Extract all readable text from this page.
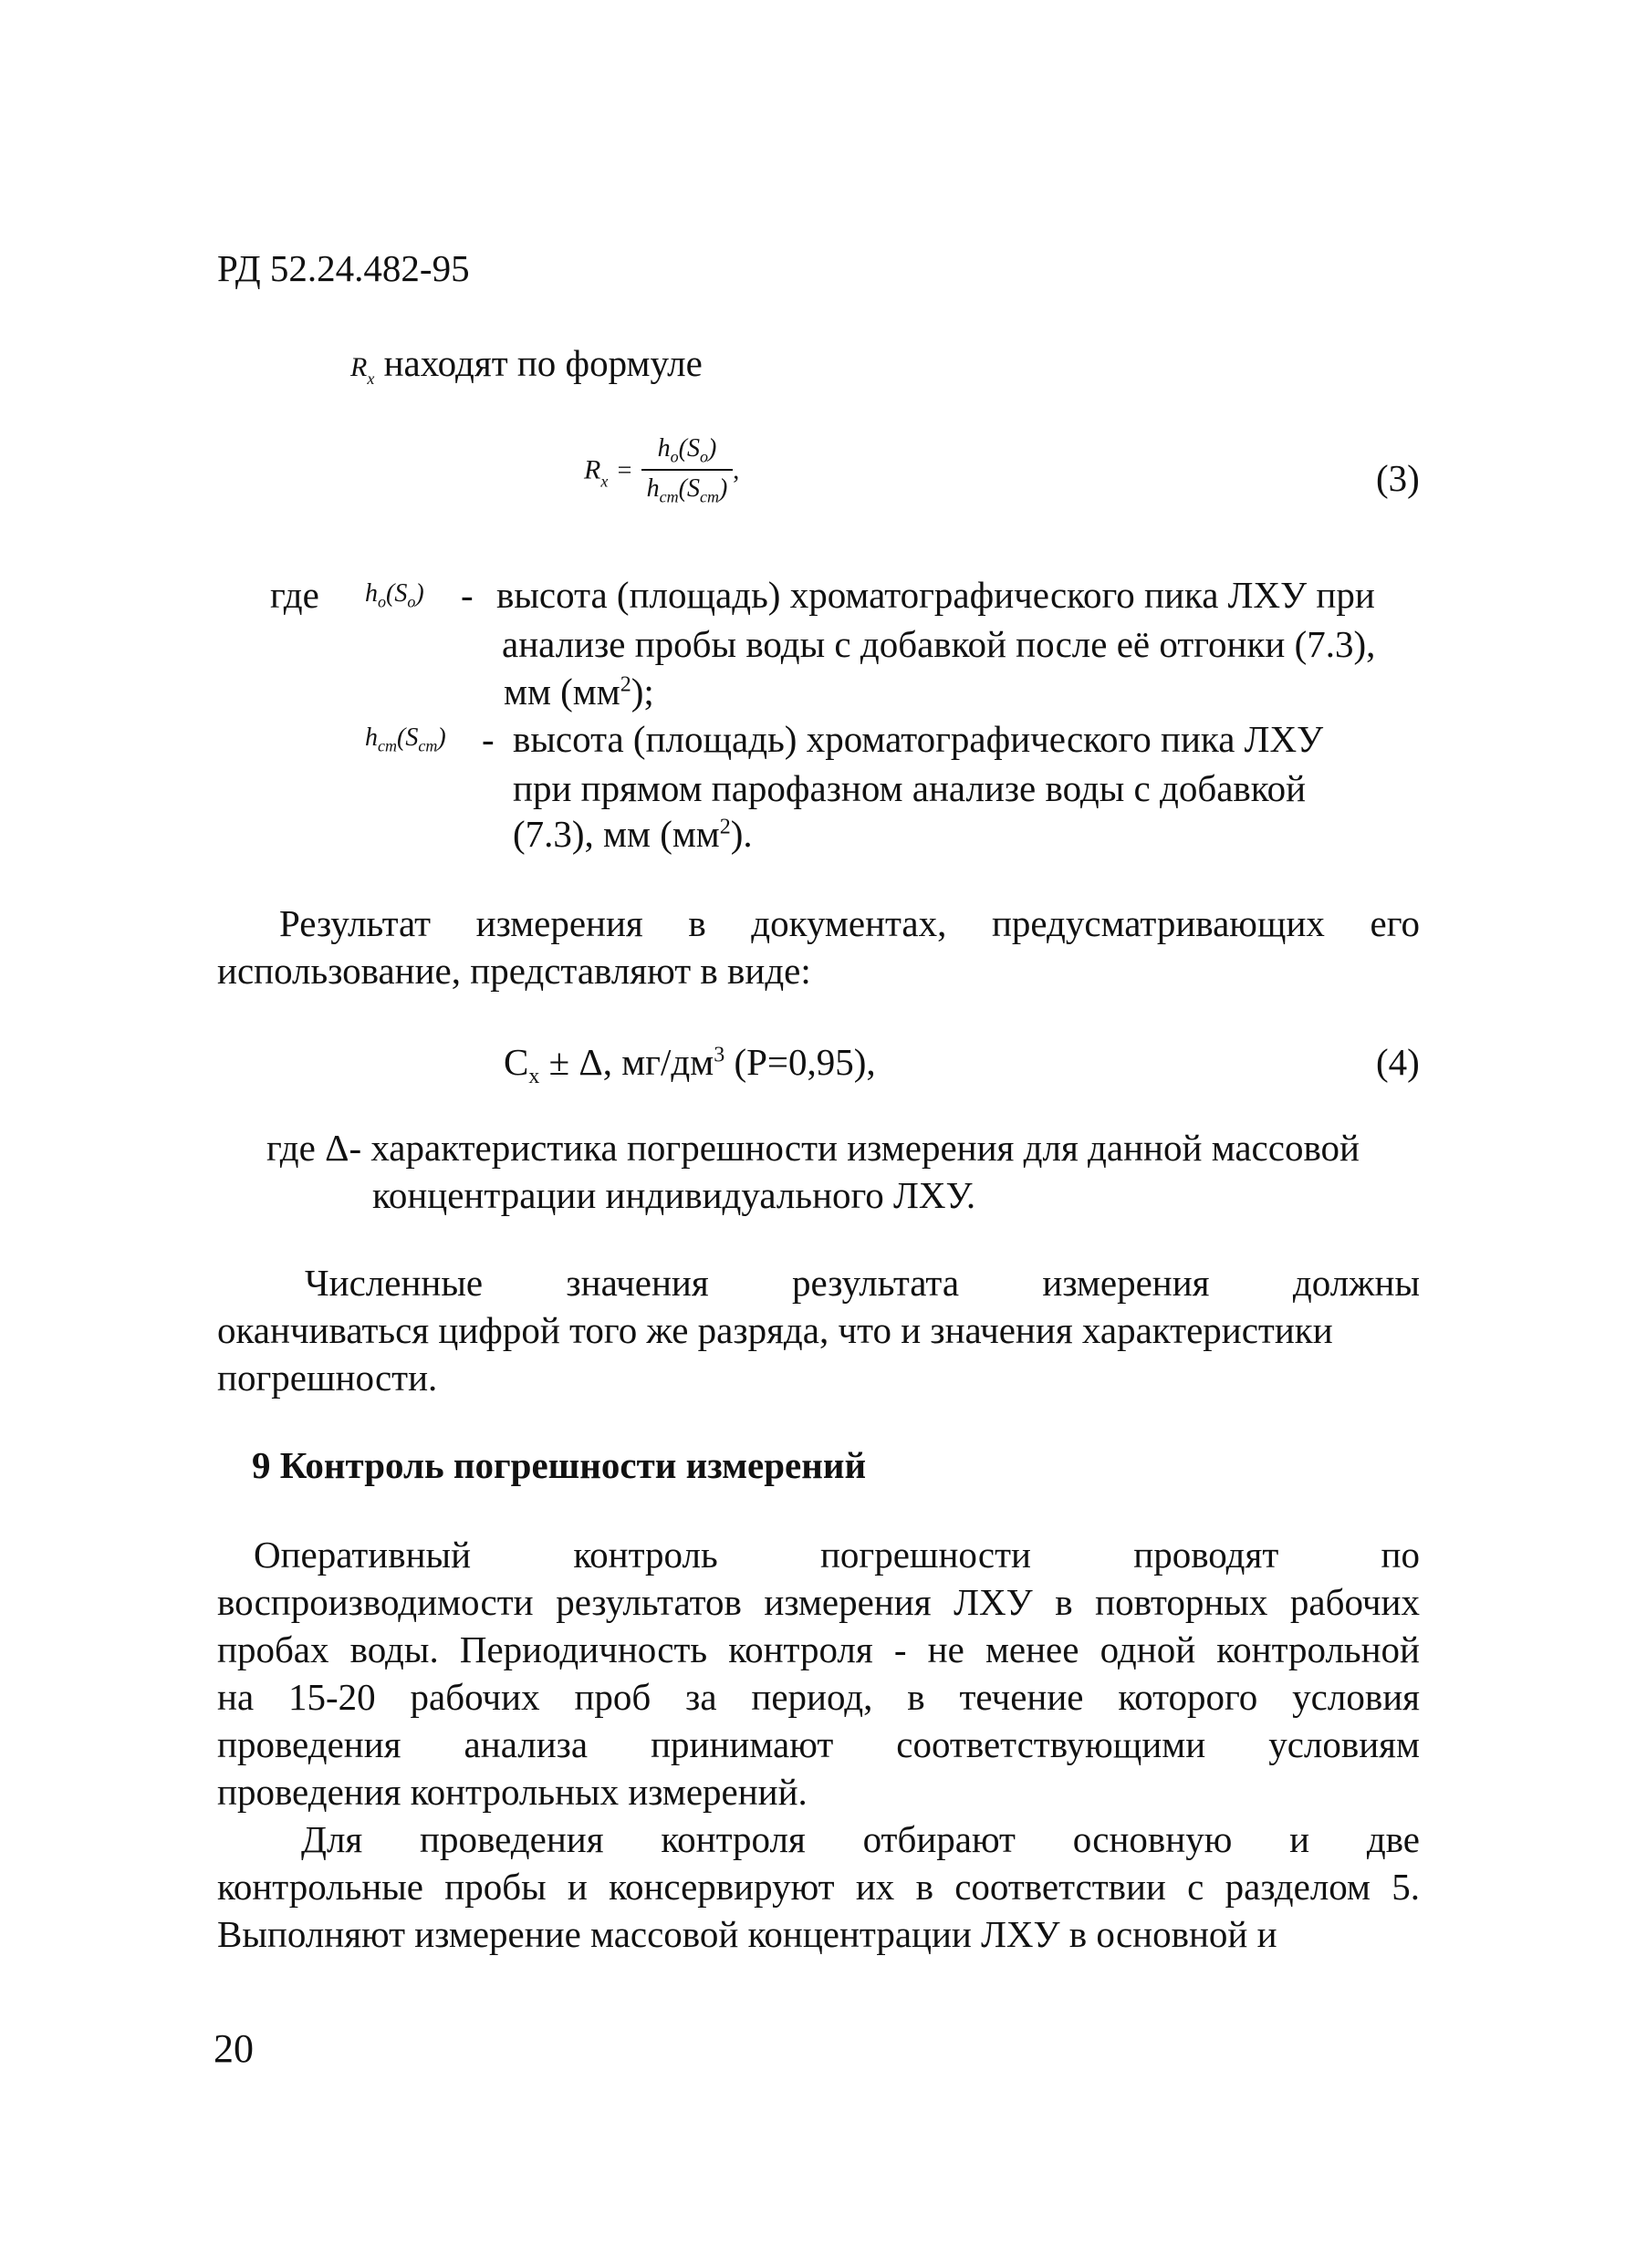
РД 52.24.482-95
$R_x$ находят по формуле
$R_x = \frac{h_o(S_o)}{h_{cm}(S_{cm})}$ ,	(3)
где $h_o(S_o)$ - высота (площадь) хроматографического пика ЛХУ при
анализе пробы воды с добавкой после её отгонки (7.3),
мм $(мм^2)$;
$h_{cm}(S_{cm})$ - высота (площадь) хроматографического пика ЛХУ
при прямом парофазном анализе воды с добавкой
(7.3), мм $(мм^2)$.
Результат измерения в документах, предусматривающих его
использование, представляют в виде:
$C_x \pm \Delta$, $мг/дм^3$ (P=0,95),	(4)
где Δ- характеристика погрешности измерения для данной массовой
концентрации индивидуального ЛХУ.
Численные значения результата измерения должны
оканчиваться цифрой того же разряда, что и значения характеристики
погрешности.
9 Контроль погрешности измерений
Оперативный контроль погрешности проводят по
воспроизводимости результатов измерения ЛХУ в повторных рабочих
пробах воды. Периодичность контроля - не менее одной контрольной
на 15-20 рабочих проб за период, в течение которого условия
проведения анализа принимают соответствующими условиям
проведения контрольных измерений.
Для проведения контроля отбирают основную и две
контрольные пробы и консервируют их в соответствии с разделом 5.
Выполняют измерение массовой концентрации ЛХУ в основной и
20
